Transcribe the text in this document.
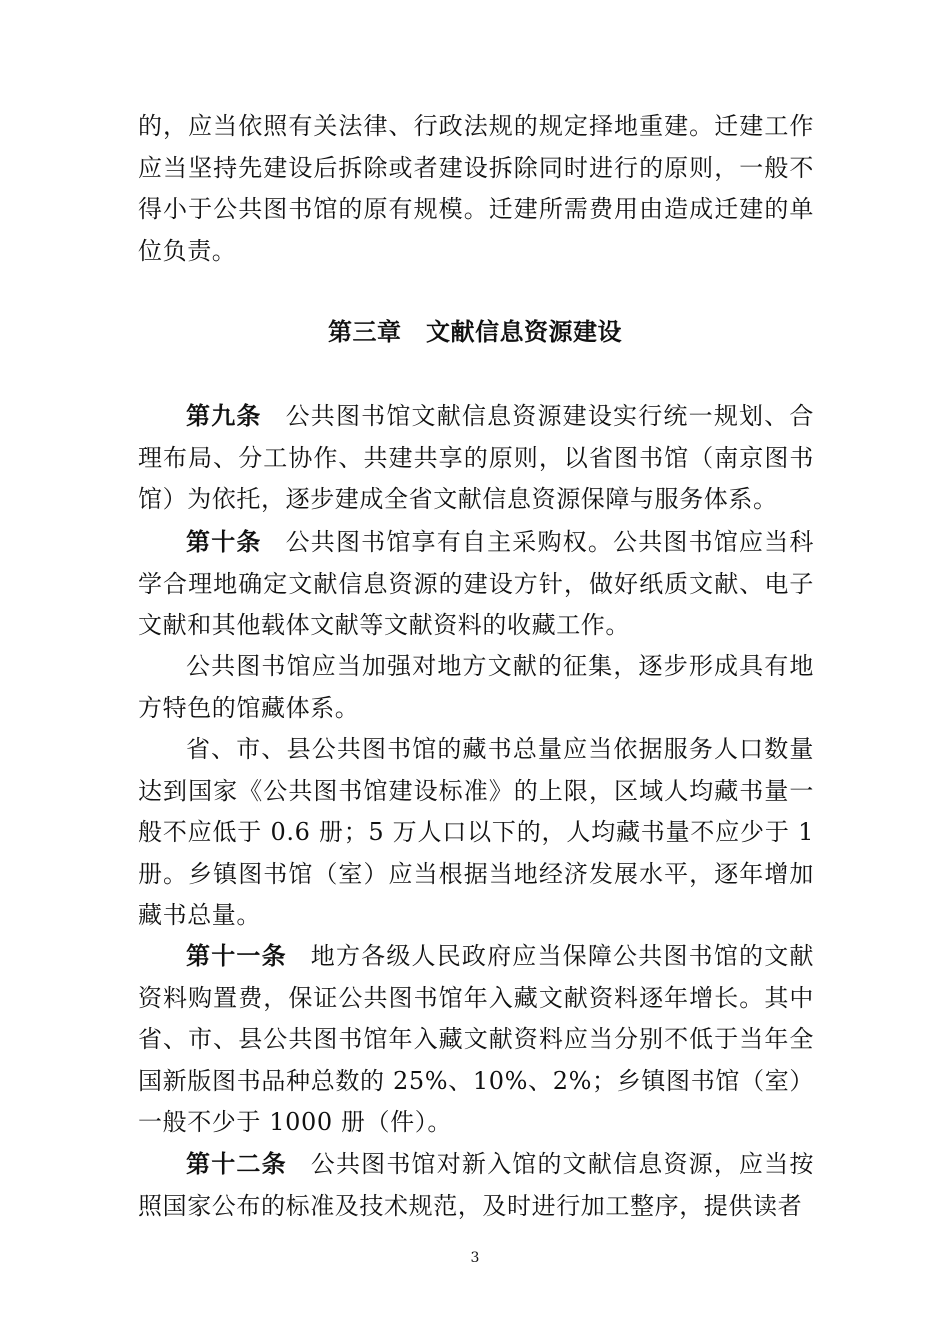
的，应当依照有关法律、行政法规的规定择地重建。迁建工作应当坚持先建设后拆除或者建设拆除同时进行的原则，一般不得小于公共图书馆的原有规模。迁建所需费用由造成迁建的单位负责。
第三章　文献信息资源建设
第九条 公共图书馆文献信息资源建设实行统一规划、合理布局、分工协作、共建共享的原则，以省图书馆（南京图书馆）为依托，逐步建成全省文献信息资源保障与服务体系。
第十条 公共图书馆享有自主采购权。公共图书馆应当科学合理地确定文献信息资源的建设方针，做好纸质文献、电子文献和其他载体文献等文献资料的收藏工作。
公共图书馆应当加强对地方文献的征集，逐步形成具有地方特色的馆藏体系。
省、市、县公共图书馆的藏书总量应当依据服务人口数量达到国家《公共图书馆建设标准》的上限，区域人均藏书量一般不应低于 0.6 册；5 万人口以下的，人均藏书量不应少于 1 册。乡镇图书馆（室）应当根据当地经济发展水平，逐年增加藏书总量。
第十一条 地方各级人民政府应当保障公共图书馆的文献资料购置费，保证公共图书馆年入藏文献资料逐年增长。其中省、市、县公共图书馆年入藏文献资料应当分别不低于当年全国新版图书品种总数的 25%、10%、2%；乡镇图书馆（室）一般不少于 1000 册（件）。
第十二条 公共图书馆对新入馆的文献信息资源，应当按照国家公布的标准及技术规范，及时进行加工整序，提供读者
3
